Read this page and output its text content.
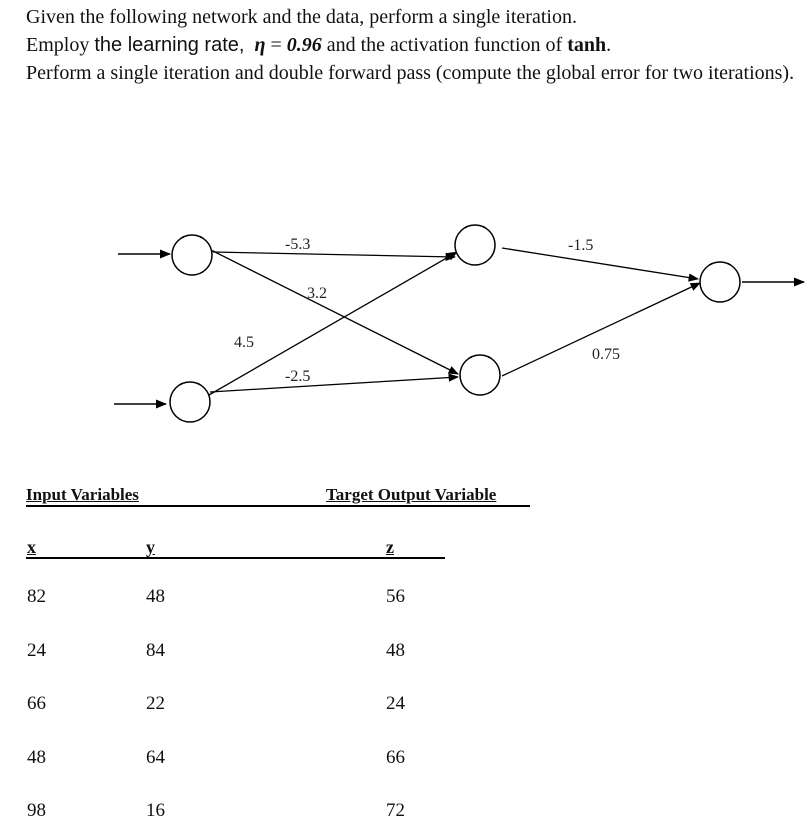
Given the following network and the data, perform a single iteration.
Employ the learning rate, η = 0.96 and the activation function of tanh.
Perform a single iteration and double forward pass (compute the global error for two iterations).
-5.3
3.2
4.5
-2.5
-1.5
0.75
Input Variables	Target Output Variable
x	y	z
82	48	56
24	84	48
66	22	24
48	64	66
98	16	72
